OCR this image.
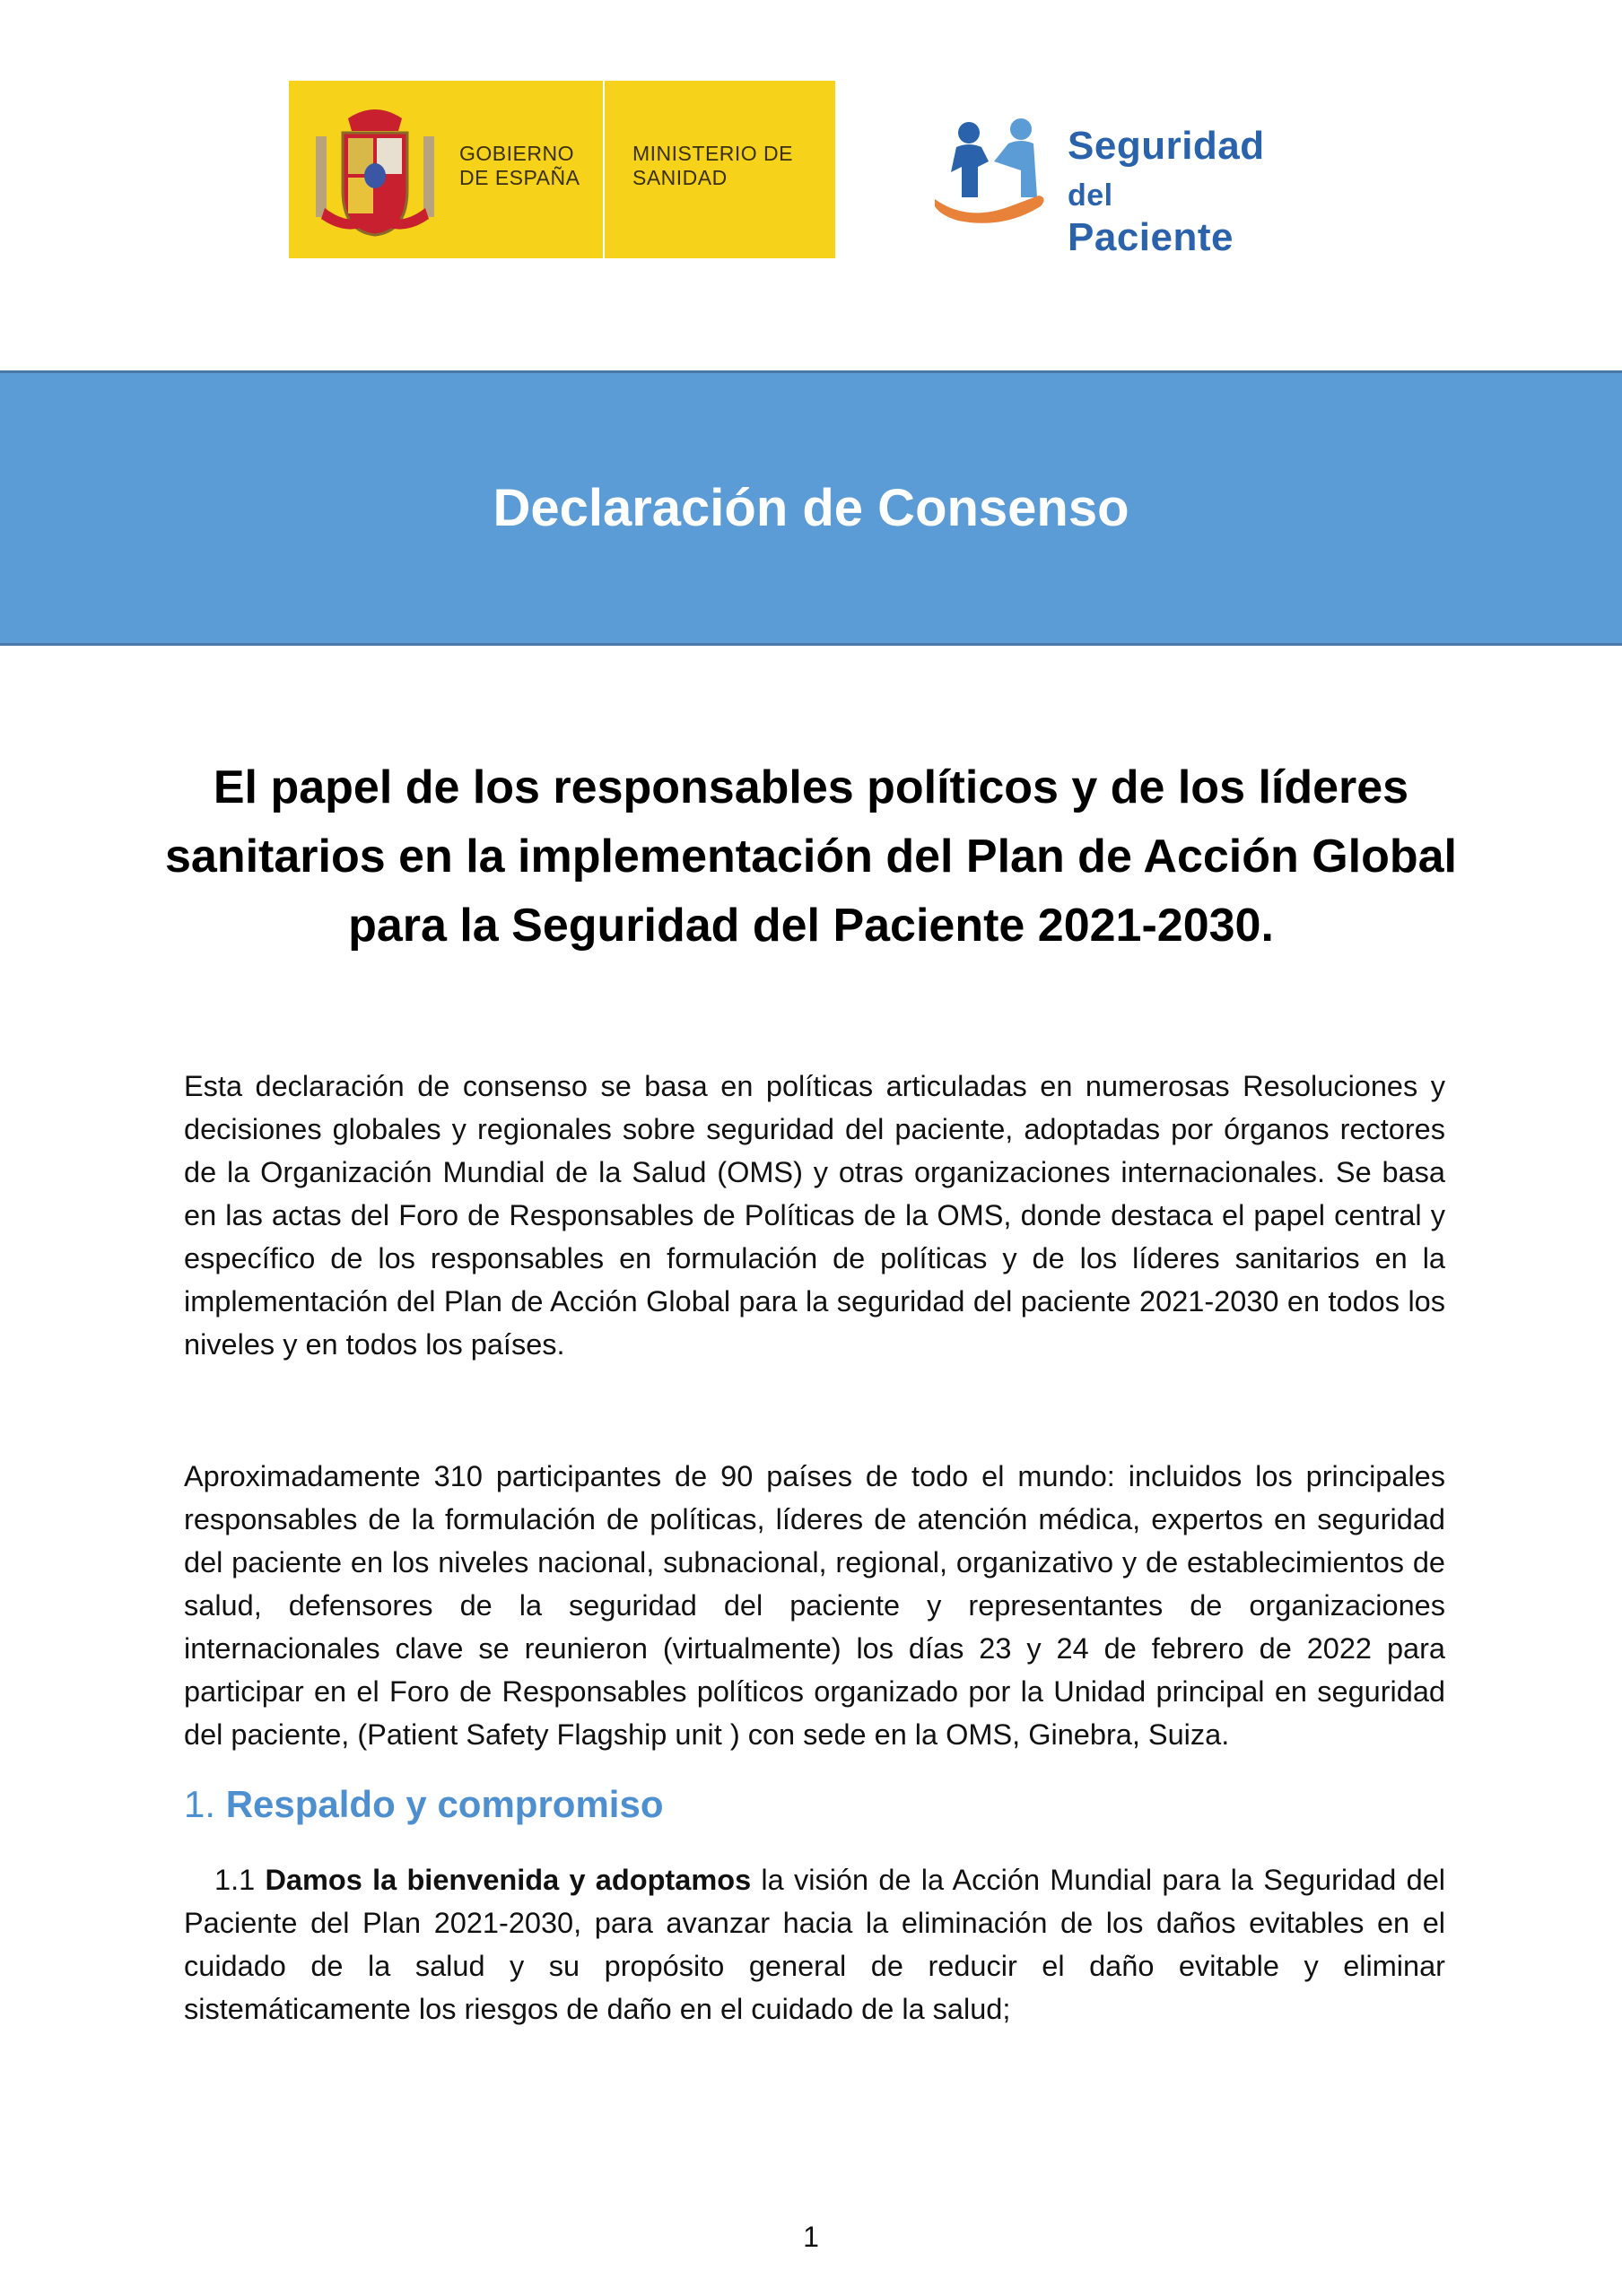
GOBIERNO DE ESPAÑA
MINISTERIO DE SANIDAD
Seguridad
del Paciente
Declaración de Consenso
El papel de los responsables políticos y de los líderes sanitarios en la implementación del Plan de Acción Global para la Seguridad del Paciente 2021-2030.
Esta declaración de consenso se basa en políticas articuladas en numerosas Resoluciones y decisiones globales y regionales sobre seguridad del paciente, adoptadas por órganos rectores de la Organización Mundial de la Salud (OMS) y otras organizaciones internacionales. Se basa en las actas del Foro de Responsables de Políticas de la OMS, donde destaca el papel central y específico de los responsables en formulación de políticas y de los líderes sanitarios en la implementación del Plan de Acción Global para la seguridad del paciente 2021-2030 en todos los niveles y en todos los países.
Aproximadamente 310 participantes de 90 países de todo el mundo: incluidos los principales responsables de la formulación de políticas, líderes de atención médica, expertos en seguridad del paciente en los niveles nacional, subnacional, regional, organizativo y de establecimientos de salud, defensores de la seguridad del paciente y representantes de organizaciones internacionales clave se reunieron (virtualmente) los días 23 y 24 de febrero de 2022 para participar en el Foro de Responsables políticos organizado por la Unidad principal en seguridad del paciente, (Patient Safety Flagship unit ) con sede en la OMS, Ginebra, Suiza.
1. Respaldo y compromiso
1.1 Damos la bienvenida y adoptamos la visión de la Acción Mundial para la Seguridad del Paciente del Plan 2021-2030, para avanzar hacia la eliminación de los daños evitables en el cuidado de la salud y su propósito general de reducir el daño evitable y eliminar sistemáticamente los riesgos de daño en el cuidado de la salud;
1
